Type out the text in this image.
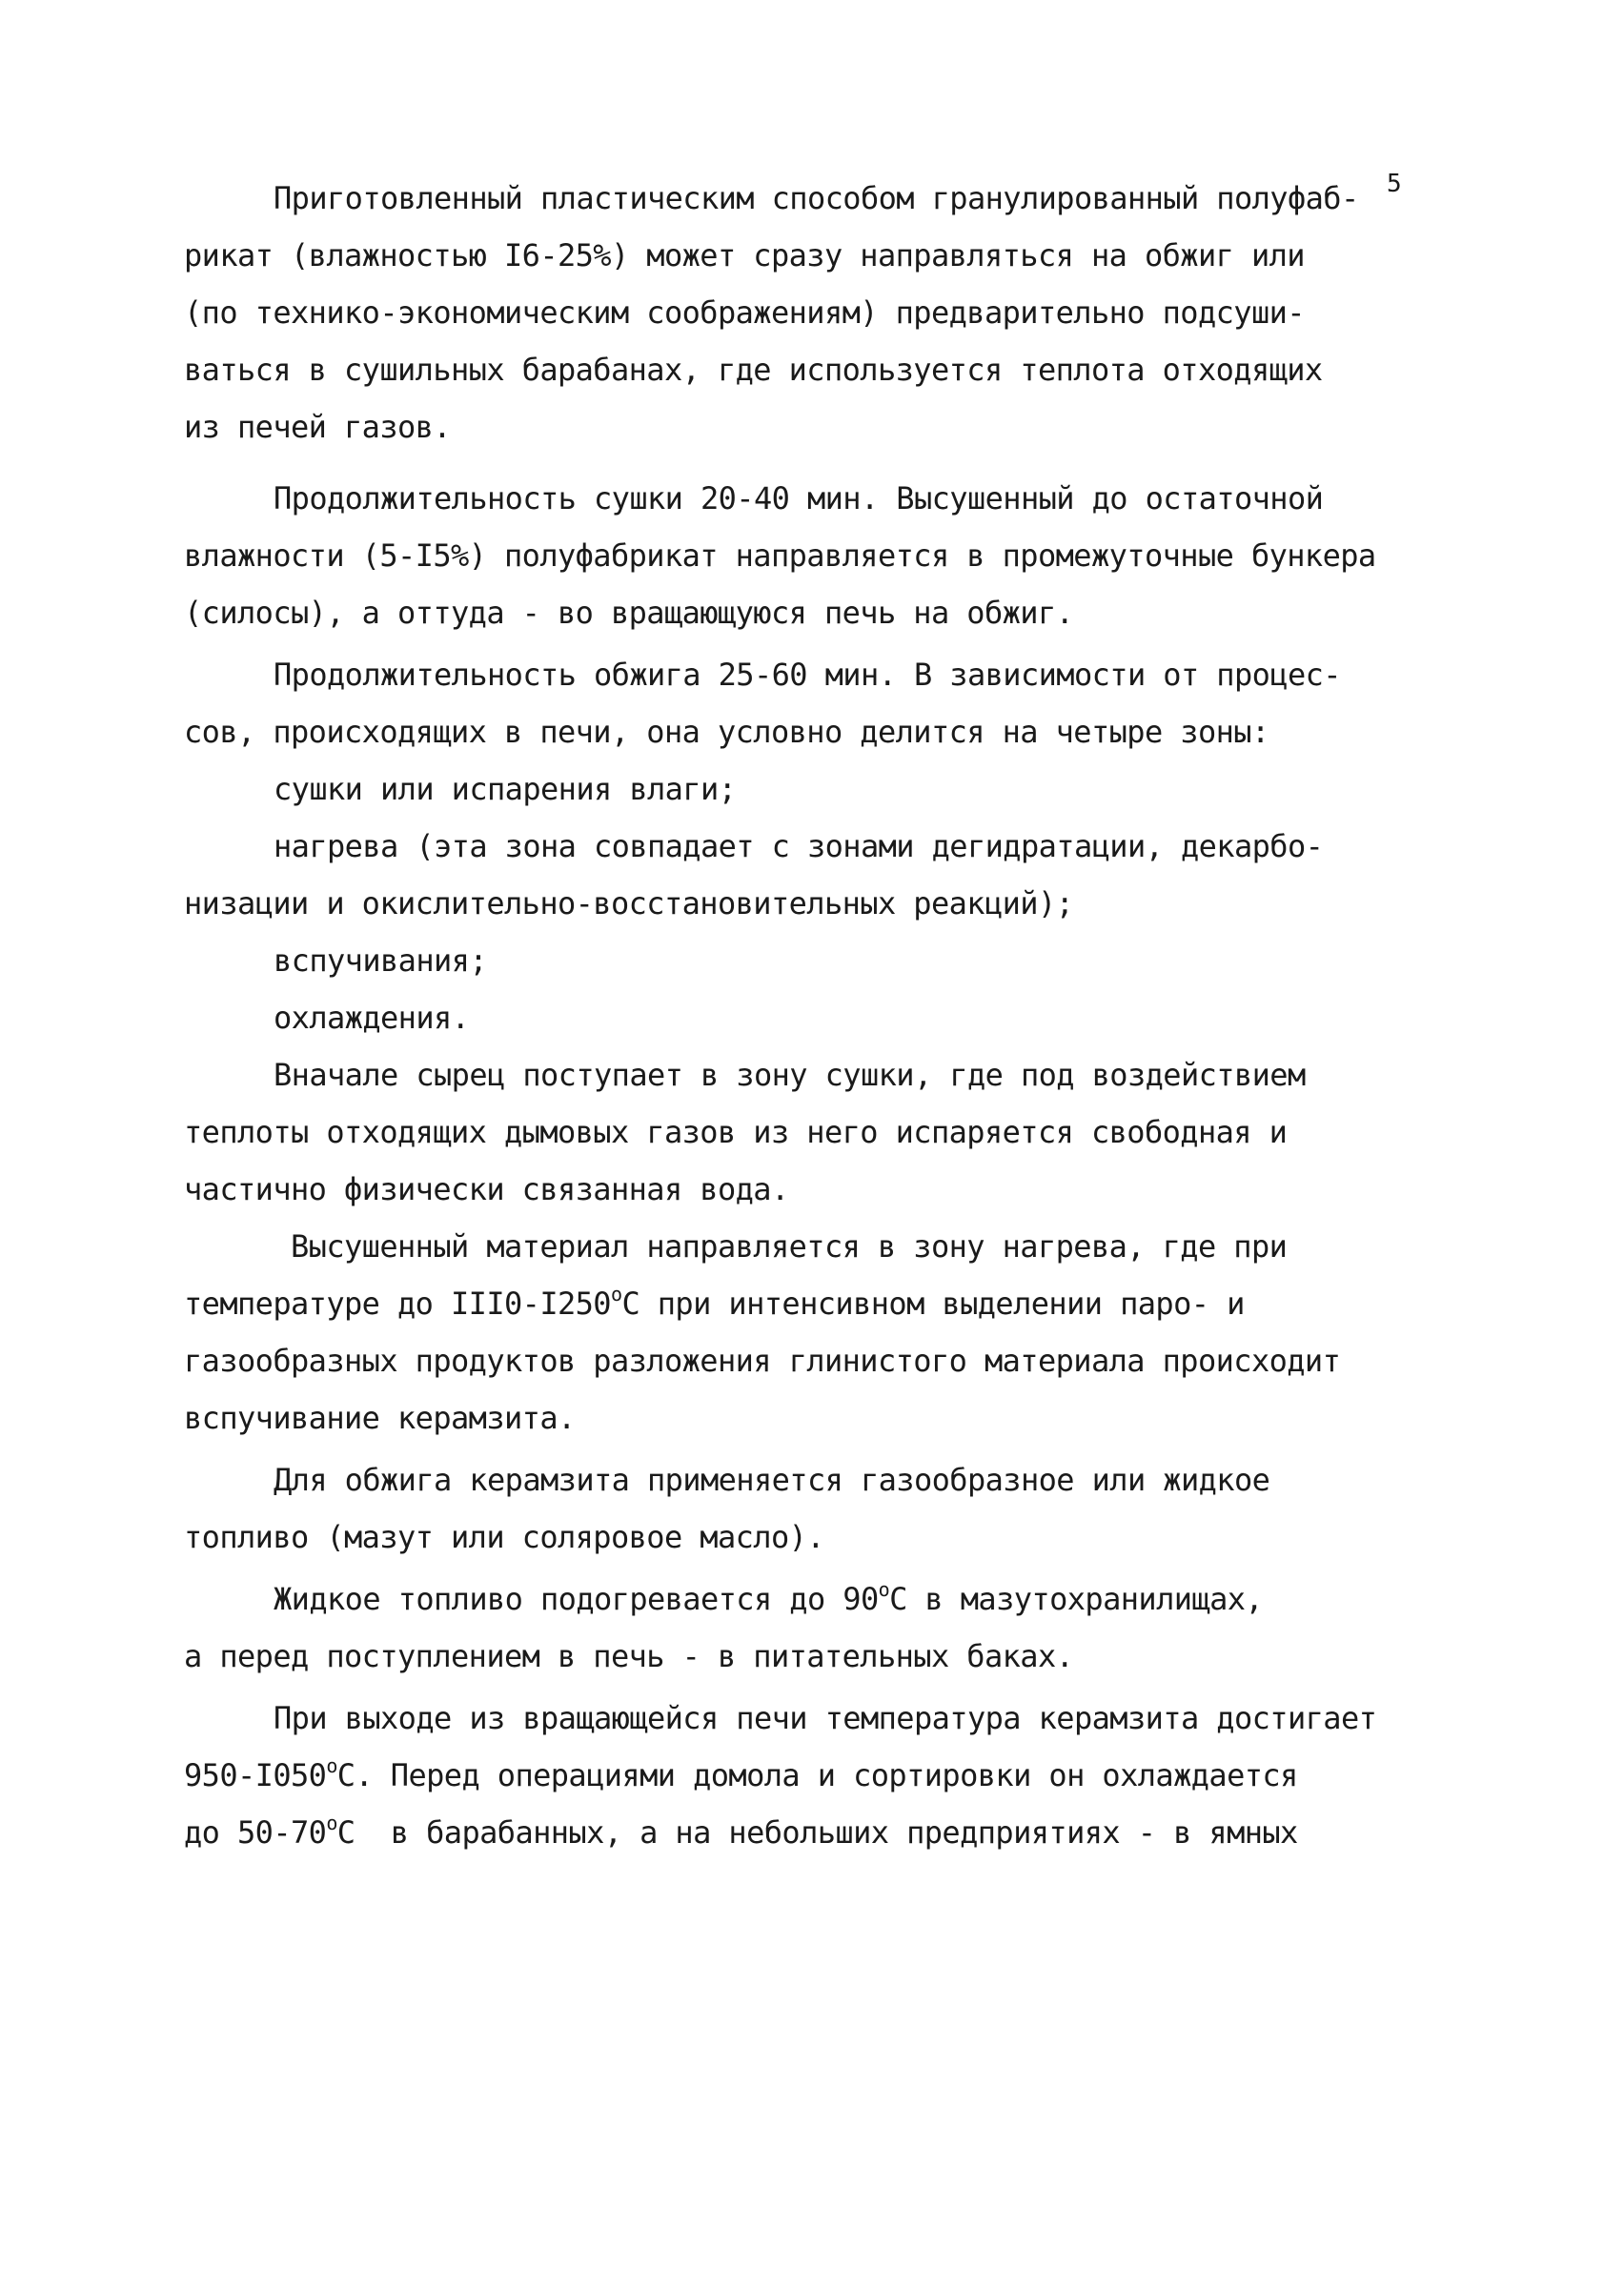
5
Приготовленный пластическим способом гранулированный полуфаб-
рикат (влажностью I6-25%) может сразу направляться на обжиг или
(по технико-экономическим соображениям) предварительно подсуши-
ваться в сушильных барабанах, где используется теплота отходящих
из печей газов.
Продолжительность сушки 20-40 мин. Высушенный до остаточной
влажности (5-I5%) полуфабрикат направляется в промежуточные бункера
(силосы), а оттуда - во вращающуюся печь на обжиг.
Продолжительность обжига 25-60 мин. В зависимости от процес-
сов, происходящих в печи, она условно делится на четыре зоны:
сушки или испарения влаги;
нагрева (эта зона совпадает с зонами дегидратации, декарбо-
низации и окислительно-восстановительных реакций);
вспучивания;
охлаждения.
Вначале сырец поступает в зону сушки, где под воздействием
теплоты отходящих дымовых газов из него испаряется свободная и
частично физически связанная вода.
Высушенный материал направляется в зону нагрева, где при
температуре до III0-I250$^o$С при интенсивном выделении паро- и
газообразных продуктов разложения глинистого материала происходит
вспучивание керамзита.
Для обжига керамзита применяется газообразное или жидкое
топливо (мазут или соляровое масло).
Жидкое топливо подогревается до 90$^o$С в мазутохранилищах,
а перед поступлением в печь - в питательных баках.
При выходе из вращающейся печи температура керамзита достигает
950-I050$^o$С. Перед операциями домола и сортировки он охлаждается
до 50-70$^o$С  в барабанных, а на небольших предприятиях - в ямных
